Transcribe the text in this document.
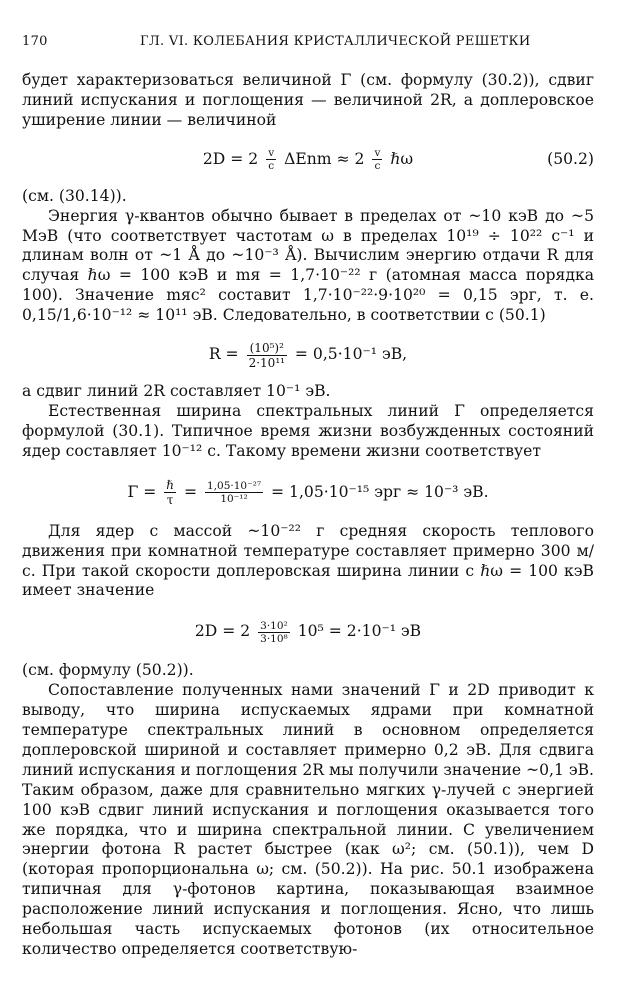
170	ГЛ. VI. КОЛЕБАНИЯ КРИСТАЛЛИЧЕСКОЙ РЕШЕТКИ

будет характеризоваться величиной Γ (см. формулу (30.2)), сдвиг линий испускания и поглощения — величиной 2R, а доплеровское уширение линии — величиной

$2D = 2 \frac{v}{c}$ $\Delta Enm \approx 2 \frac{v}{c}$ ℏω	(50.2)

(см. (30.14)).

Энергия γ-квантов обычно бывает в пределах от ~10 кэВ до ~5 МэВ (что соответствует частотам ω в пределах 10¹⁹ ÷ 10²² с⁻¹ и длинам волн от ~1 Å до ~10⁻³ Å). Вычислим энергию отдачи R для случая ℏω = 100 кэВ и mя = 1,7·10⁻²² г (атомная масса порядка 100). Значение mяc² составит 1,7·10⁻²²·9·10²⁰ = 0,15 эрг, т. е. 0,15/1,6·10⁻¹² ≈ 10¹¹ эВ. Следовательно, в соответствии с (50.1)

$R = \frac{\text{(10⁵)²}}{\text{2·10¹¹}} = 0,5\cdot 10^{-1}$ эВ,

а сдвиг линий 2R составляет 10⁻¹ эВ.

Естественная ширина спектральных линий Γ определяется формулой (30.1). Типичное время жизни возбужденных состояний ядер составляет 10⁻¹² с. Такому времени жизни соответствует

$\Gamma = \frac{\text{ℏ}}{\tau} = \frac{\text{1,05·10⁻²⁷}}{\text{10⁻¹²}} = 1,05\cdot 10^{-15}$ эрг ≈ 10⁻³ эВ.

Для ядер с массой ~10⁻²² г средняя скорость теплового движения при комнатной температуре составляет примерно 300 м/с. При такой скорости доплеровская ширина линии с ℏω = 100 кэВ имеет значение

$2D = 2 \frac{\text{3·10²}}{\text{3·10⁸}} 10^5 = 2\cdot 10^{-1}$ эВ

(см. формулу (50.2)).

Сопоставление полученных нами значений Γ и 2D приводит к выводу, что ширина испускаемых ядрами при комнатной температуре спектральных линий в основном определяется доплеровской шириной и составляет примерно 0,2 эВ. Для сдвига линий испускания и поглощения 2R мы получили значение ~0,1 эВ. Таким образом, даже для сравнительно мягких γ-лучей с энергией 100 кэВ сдвиг линий испускания и поглощения оказывается того же порядка, что и ширина спектральной линии. С увеличением энергии фотона R растет быстрее (как ω²; см. (50.1)), чем D (которая пропорциональна ω; см. (50.2)). На рис. 50.1 изображена типичная для γ-фотонов картина, показывающая взаимное расположение линий испускания и поглощения. Ясно, что лишь небольшая часть испускаемых фотонов (их относительное количество определяется соответствую-
